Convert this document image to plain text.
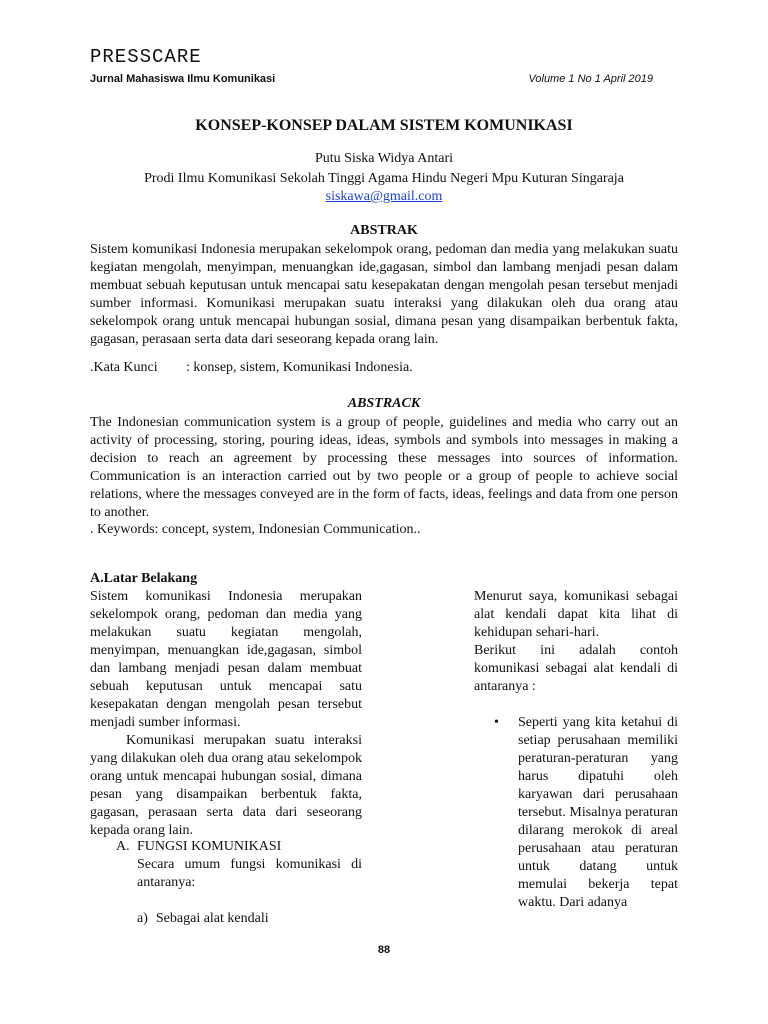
PRESSCARE
Jurnal Mahasiswa Ilmu Komunikasi	Volume 1 No 1 April 2019
KONSEP-KONSEP DALAM SISTEM KOMUNIKASI
Putu Siska Widya Antari
Prodi Ilmu Komunikasi Sekolah Tinggi Agama Hindu Negeri Mpu Kuturan Singaraja
siskawa@gmail.com
ABSTRAK

Sistem komunikasi Indonesia merupakan sekelompok orang, pedoman dan media yang melakukan suatu kegiatan mengolah, menyimpan, menuangkan ide,gagasan, simbol dan lambang menjadi pesan dalam membuat sebuah keputusan untuk mencapai satu kesepakatan dengan mengolah pesan tersebut menjadi sumber informasi. Komunikasi merupakan suatu interaksi yang dilakukan oleh dua orang atau sekelompok orang untuk mencapai hubungan sosial, dimana pesan yang disampaikan berbentuk fakta, gagasan, perasaan serta data dari seseorang kepada orang lain.

.Kata Kunci : konsep, sistem, Komunikasi Indonesia.
ABSTRACK

The Indonesian communication system is a group of people, guidelines and media who carry out an activity of processing, storing, pouring ideas, ideas, symbols and symbols into messages in making a decision to reach an agreement by processing these messages into sources of information. Communication is an interaction carried out by two people or a group of people to achieve social relations, where the messages conveyed are in the form of facts, ideas, feelings and data from one person to another.

. Keywords: concept, system, Indonesian Communication..

A.Latar Belakang

Sistem komunikasi Indonesia merupakan sekelompok orang, pedoman dan media yang melakukan suatu kegiatan mengolah, menyimpan, menuangkan ide,gagasan, simbol dan lambang menjadi pesan dalam membuat sebuah keputusan untuk mencapai satu kesepakatan dengan mengolah pesan tersebut menjadi sumber informasi.

Komunikasi merupakan suatu interaksi yang dilakukan oleh dua orang atau sekelompok orang untuk mencapai hubungan sosial, dimana pesan yang disampaikan berbentuk fakta, gagasan, perasaan serta data dari seseorang kepada orang lain.

A. FUNGSI KOMUNIKASI
Secara umum fungsi komunikasi di antaranya:
a) Sebagai alat kendali

Menurut saya, komunikasi sebagai alat kendali dapat kita lihat di kehidupan sehari-hari.

Berikut ini adalah contoh komunikasi sebagai alat kendali di antaranya :

• Seperti yang kita ketahui di setiap perusahaan memiliki peraturan-peraturan yang harus dipatuhi oleh karyawan dari perusahaan tersebut. Misalnya peraturan dilarang merokok di areal perusahaan atau peraturan untuk datang untuk memulai bekerja tepat waktu. Dari adanya

88
